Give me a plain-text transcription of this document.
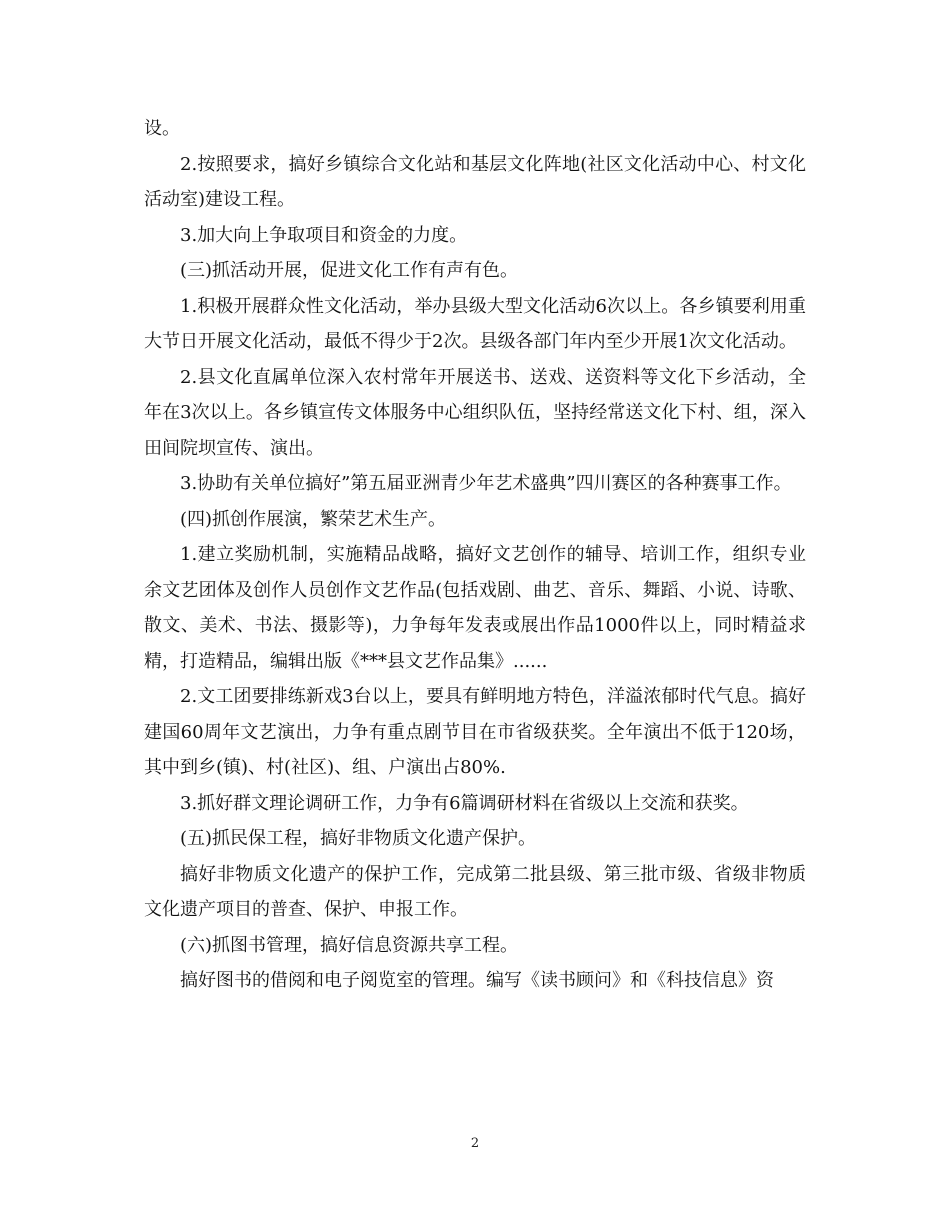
设。

2.按照要求，搞好乡镇综合文化站和基层文化阵地(社区文化活动中心、村文化活动室)建设工程。

3.加大向上争取项目和资金的力度。

(三)抓活动开展，促进文化工作有声有色。

1.积极开展群众性文化活动，举办县级大型文化活动6次以上。各乡镇要利用重大节日开展文化活动，最低不得少于2次。县级各部门年内至少开展1次文化活动。

2.县文化直属单位深入农村常年开展送书、送戏、送资料等文化下乡活动，全年在3次以上。各乡镇宣传文体服务中心组织队伍，坚持经常送文化下村、组，深入田间院坝宣传、演出。

3.协助有关单位搞好”第五届亚洲青少年艺术盛典”四川赛区的各种赛事工作。

(四)抓创作展演，繁荣艺术生产。

1.建立奖励机制，实施精品战略，搞好文艺创作的辅导、培训工作，组织专业余文艺团体及创作人员创作文艺作品(包括戏剧、曲艺、音乐、舞蹈、小说、诗歌、散文、美术、书法、摄影等)，力争每年发表或展出作品1000件以上，同时精益求精，打造精品，编辑出版《***县文艺作品集》......

2.文工团要排练新戏3台以上，要具有鲜明地方特色，洋溢浓郁时代气息。搞好建国60周年文艺演出，力争有重点剧节目在市省级获奖。全年演出不低于120场，其中到乡(镇)、村(社区)、组、户演出占80%.

3.抓好群文理论调研工作，力争有6篇调研材料在省级以上交流和获奖。

(五)抓民保工程，搞好非物质文化遗产保护。

搞好非物质文化遗产的保护工作，完成第二批县级、第三批市级、省级非物质文化遗产项目的普查、保护、申报工作。

(六)抓图书管理，搞好信息资源共享工程。

搞好图书的借阅和电子阅览室的管理。编写《读书顾问》和《科技信息》资

2
